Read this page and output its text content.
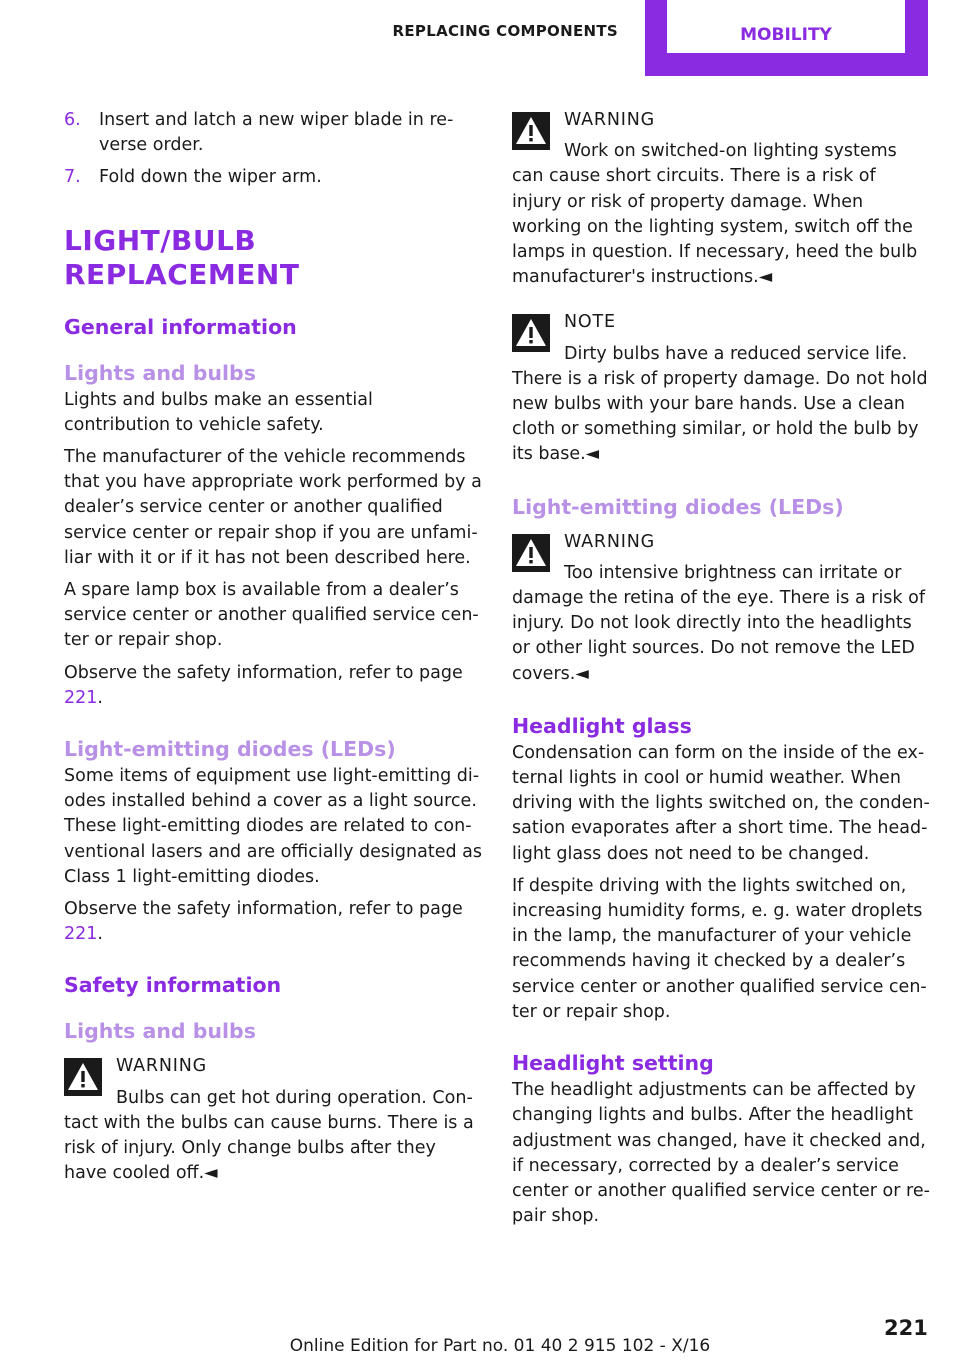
REPLACING COMPONENTS	MOBILITY
6.	Insert and latch a new wiper blade in reverse order.
7.	Fold down the wiper arm.
LIGHT/BULB REPLACEMENT
General information
Lights and bulbs

Lights and bulbs make an essential contribution to vehicle safety.

The manufacturer of the vehicle recommends that you have appropriate work performed by a dealer’s service center or another qualified service center or repair shop if you are unfamiliar with it or if it has not been described here.

A spare lamp box is available from a dealer’s service center or another qualified service center or repair shop.

Observe the safety information, refer to page 221.

Light-emitting diodes (LEDs)

Some items of equipment use light-emitting diodes installed behind a cover as a light source. These light-emitting diodes are related to conventional lasers and are officially designated as Class 1 light-emitting diodes.

Observe the safety information, refer to page 221.

Safety information
Lights and bulbs
WARNING

Bulbs can get hot during operation. Contact with the bulbs can cause burns. There is a risk of injury. Only change bulbs after they have cooled off.◄

WARNING

Work on switched-on lighting systems can cause short circuits. There is a risk of injury or risk of property damage. When working on the lighting system, switch off the lamps in question. If necessary, heed the bulb manufacturer's instructions.◄

NOTE

Dirty bulbs have a reduced service life. There is a risk of property damage. Do not hold new bulbs with your bare hands. Use a clean cloth or something similar, or hold the bulb by its base.◄

Light-emitting diodes (LEDs)
WARNING

Too intensive brightness can irritate or damage the retina of the eye. There is a risk of injury. Do not look directly into the headlights or other light sources. Do not remove the LED covers.◄

Headlight glass

Condensation can form on the inside of the external lights in cool or humid weather. When driving with the lights switched on, the condensation evaporates after a short time. The headlight glass does not need to be changed.

If despite driving with the lights switched on, increasing humidity forms, e. g. water droplets in the lamp, the manufacturer of your vehicle recommends having it checked by a dealer’s service center or another qualified service center or repair shop.

Headlight setting

The headlight adjustments can be affected by changing lights and bulbs. After the headlight adjustment was changed, have it checked and, if necessary, corrected by a dealer’s service center or another qualified service center or repair shop.

221
Online Edition for Part no. 01 40 2 915 102 - X/16
